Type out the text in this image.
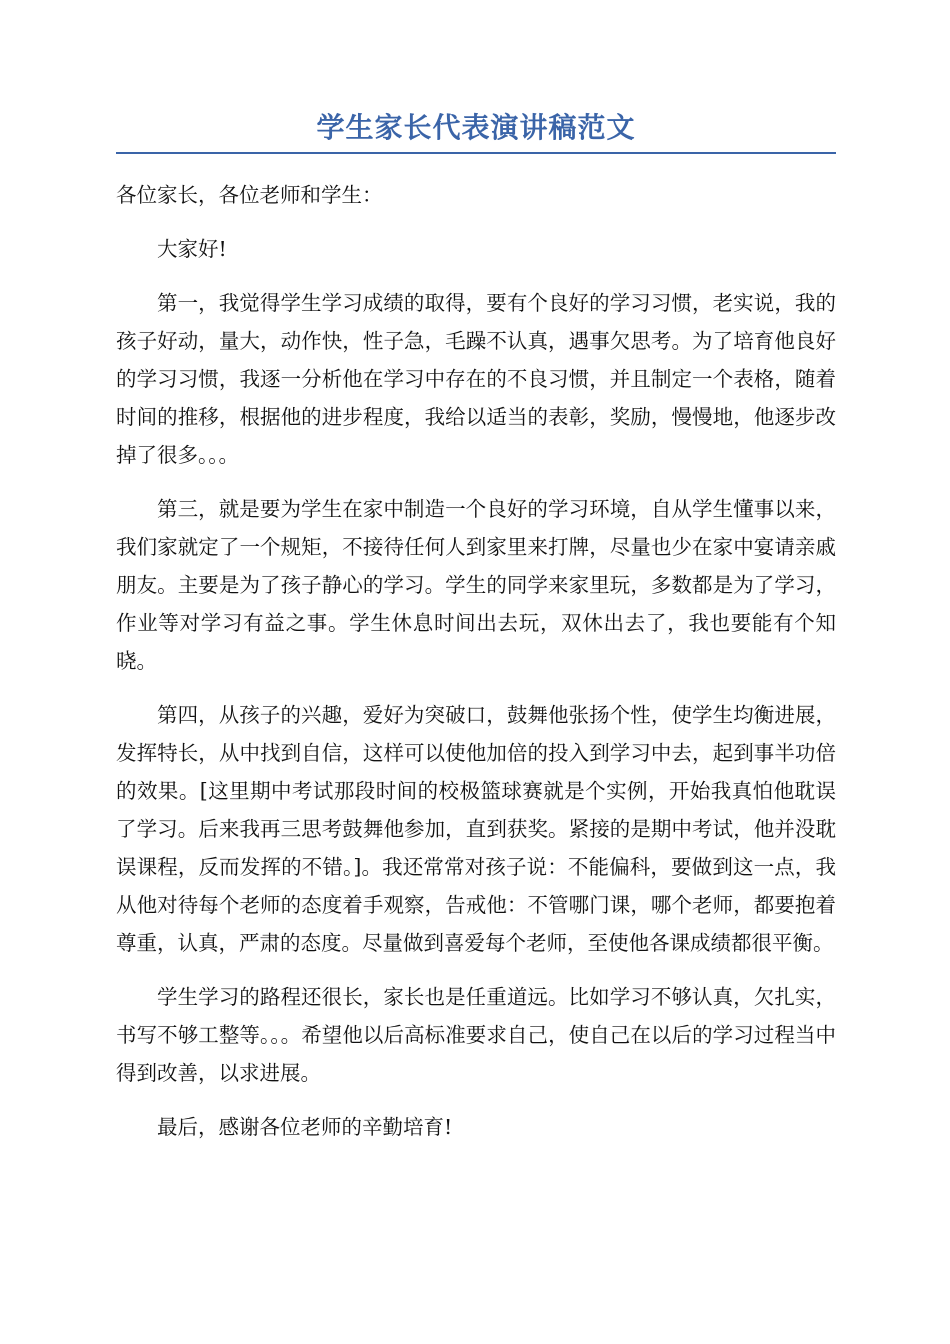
学生家长代表演讲稿范文

各位家长，各位老师和学生：

大家好!

第一，我觉得学生学习成绩的取得，要有个良好的学习习惯，老实说，我的孩子好动，量大，动作快，性子急，毛躁不认真，遇事欠思考。为了培育他良好的学习习惯，我逐一分析他在学习中存在的不良习惯，并且制定一个表格，随着时间的推移，根据他的进步程度，我给以适当的表彰，奖励，慢慢地，他逐步改掉了很多。。。

第三，就是要为学生在家中制造一个良好的学习环境，自从学生懂事以来，我们家就定了一个规矩，不接待任何人到家里来打牌，尽量也少在家中宴请亲戚朋友。主要是为了孩子静心的学习。学生的同学来家里玩，多数都是为了学习，作业等对学习有益之事。学生休息时间出去玩，双休出去了，我也要能有个知晓。

第四，从孩子的兴趣，爱好为突破口，鼓舞他张扬个性，使学生均衡进展，发挥特长，从中找到自信，这样可以使他加倍的投入到学习中去，起到事半功倍的效果。[这里期中考试那段时间的校极篮球赛就是个实例，开始我真怕他耽误了学习。后来我再三思考鼓舞他参加，直到获奖。紧接的是期中考试，他并没耽误课程，反而发挥的不错。]。我还常常对孩子说：不能偏科，要做到这一点，我从他对待每个老师的态度着手观察，告戒他：不管哪门课，哪个老师，都要抱着尊重，认真，严肃的态度。尽量做到喜爱每个老师，至使他各课成绩都很平衡。

学生学习的路程还很长，家长也是任重道远。比如学习不够认真，欠扎实，书写不够工整等。。。希望他以后高标准要求自己，使自己在以后的学习过程当中得到改善，以求进展。

最后，感谢各位老师的辛勤培育!
